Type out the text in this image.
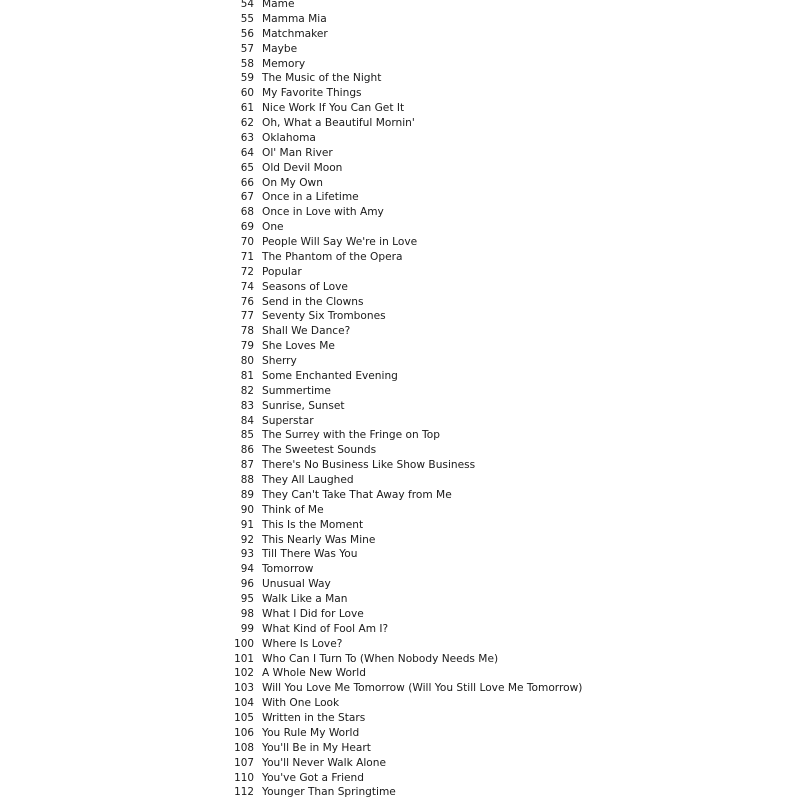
54 Mame
55 Mamma Mia
56 Matchmaker
57 Maybe
58 Memory
59 The Music of the Night
60 My Favorite Things
61 Nice Work If You Can Get It
62 Oh, What a Beautiful Mornin'
63 Oklahoma
64 Ol' Man River
65 Old Devil Moon
66 On My Own
67 Once in a Lifetime
68 Once in Love with Amy
69 One
70 People Will Say We're in Love
71 The Phantom of the Opera
72 Popular
74 Seasons of Love
76 Send in the Clowns
77 Seventy Six Trombones
78 Shall We Dance?
79 She Loves Me
80 Sherry
81 Some Enchanted Evening
82 Summertime
83 Sunrise, Sunset
84 Superstar
85 The Surrey with the Fringe on Top
86 The Sweetest Sounds
87 There's No Business Like Show Business
88 They All Laughed
89 They Can't Take That Away from Me
90 Think of Me
91 This Is the Moment
92 This Nearly Was Mine
93 Till There Was You
94 Tomorrow
96 Unusual Way
95 Walk Like a Man
98 What I Did for Love
99 What Kind of Fool Am I?
100 Where Is Love?
101 Who Can I Turn To (When Nobody Needs Me)
102 A Whole New World
103 Will You Love Me Tomorrow (Will You Still Love Me Tomorrow)
104 With One Look
105 Written in the Stars
106 You Rule My World
108 You'll Be in My Heart
107 You'll Never Walk Alone
110 You've Got a Friend
112 Younger Than Springtime
